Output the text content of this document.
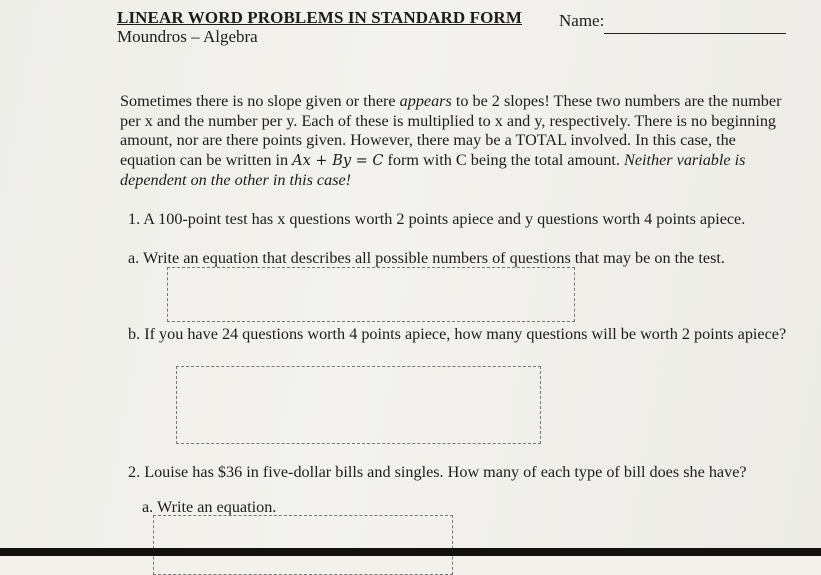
LINEAR WORD PROBLEMS IN STANDARD FORM Name:
Moundros – Algebra
Sometimes there is no slope given or there appears to be 2 slopes! These two numbers are the number per x and the number per y. Each of these is multiplied to x and y, respectively. There is no beginning amount, nor are there points given. However, there may be a TOTAL involved. In this case, the equation can be written in Ax + By = C form with C being the total amount. Neither variable is dependent on the other in this case!
1. A 100-point test has x questions worth 2 points apiece and y questions worth 4 points apiece.
a. Write an equation that describes all possible numbers of questions that may be on the test.
b. If you have 24 questions worth 4 points apiece, how many questions will be worth 2 points apiece?
2. Louise has $36 in five-dollar bills and singles. How many of each type of bill does she have?
a. Write an equation.
